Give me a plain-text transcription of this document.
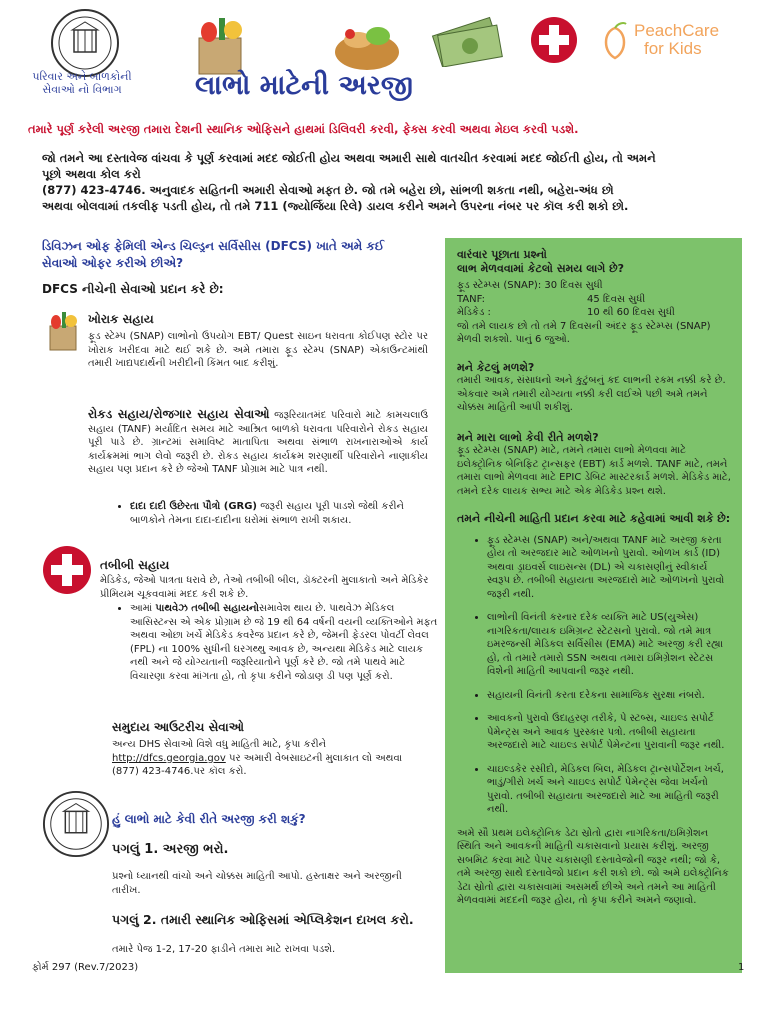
પરિવાર અને બાળકોની
સેવાઓ નો વિભાગ
PeachCare
for Kids
લાભો માટેની અરજી
તમારે પૂર્ણ કરેલી અરજી તમારા દેશની સ્થાનિક ઓફિસને હાથમાં ડિલિવરી કરવી, ફેક્સ કરવી અથવા મેઇલ કરવી પડશે.
જો તમને આ દસ્તાવેજ વાંચવા કે પૂર્ણ કરવામાં મદદ જોઈતી હોય અથવા અમારી સાથે વાતચીત કરવામાં મદદ જોઈતી હોય, તો અમને
પૂછો અથવા કોલ કરો
(877) 423-4746. અનુવાદક સહિતની અમારી સેવાઓ મફત છે. જો તમે બહેરા છો, સાંભળી શકતા નથી, બહેરા-અંધ છો
અથવા બોલવામાં તકલીફ પડતી હોય, તો તમે 711 (જ્યોર્જિયા રિલે) ડાયલ કરીને અમને ઉપરના નંબર પર કૉલ કરી શકો છો.
ડિવિઝન ઓફ ફેમિલી એન્ડ ચિલ્ડ્રન સર્વિસીસ (DFCS) ખાતે અમે કઈ સેવાઓ ઓફર કરીએ છીએ?
DFCS નીચેની સેવાઓ પ્રદાન કરે છે:
ખોરાક સહાય
ફૂડ સ્ટેમ્પ (SNAP) લાભોનો ઉપયોગ EBT/ Quest સાઇન ધરાવતા કોઈપણ સ્ટોર પર ખોરાક ખરીદવા માટે થઈ શકે છે. અમે તમારા ફૂડ સ્ટેમ્પ (SNAP) એકાઉન્ટમાંથી તમારી ખાદ્યપદાર્થની ખરીદીની કિંમત બાદ કરીશું.
રોકડ સહાય/રોજગાર સહાય સેવાઓ જરૂરિયાતમંદ પરિવારો માટે કામચલાઉ સહાય (TANF) મર્યાદિત સમય માટે આશ્રિત બાળકો ધરાવતા પરિવારોને રોકડ સહાય પૂરી પાડે છે. ગ્રાન્ટમાં સમાવિષ્ટ માતાપિતા અથવા સંભાળ રાખનારાઓએ કાર્ય કાર્યક્રમમાં ભાગ લેવો જરૂરી છે. રોકડ સહાય કાર્યક્રમ શરણાર્થી પરિવારોને નાણાકીય સહાય પણ પ્રદાન કરે છે જેઓ TANF પ્રોગ્રામ માટે પાત્ર નથી.
• દાદા દાદી ઉછેરતા પૌત્રો (GRG) જરૂરી સહાય પૂરી પાડશે જેથી કરીને બાળકોને તેમના દાદા-દાદીના ઘરોમાં સંભાળ રાખી શકાય.
તબીબી સહાય
મેડિકેડ, જેઓ પાત્રતા ધરાવે છે, તેઓ તબીબી બીલ, ડૉક્ટરની મુલાકાતો અને મેડિકેર પ્રીમિયમ ચૂકવવામાં મદદ કરી શકે છે.
• આમાં પાથવેઝ તબીબી સહાયનોસમાવેશ થાય છે. પાથવેઝ મેડિકલ આસિસ્ટન્સ એ એક પ્રોગ્રામ છે જે 19 થી 64 વર્ષની વયની વ્યક્તિઓને મફત અથવા ઓછા ખર્ચે મેડિકેડ કવરેજ પ્રદાન કરે છે, જેમની ફેડરલ પોવર્ટી લેવલ (FPL) ના 100% સુધીની ઘરગથ્થુ આવક છે, અન્યથા મેડિકેડ માટે લાયક નથી અને જે યોગ્યતાની જરૂરિયાતોને પૂર્ણ કરે છે. જો તમે પાથવે માટે વિચારણા કરવા માંગતા હો, તો કૃપા કરીને જોડાણ ડી પણ પૂર્ણ કરો.
સમુદાય આઉટરીચ સેવાઓ
અન્ય DHS સેવાઓ વિશે વધુ માહિતી માટે, કૃપા કરીને
http://dfcs.georgia.gov પર અમારી વેબસાઇટની મુલાકાત લો અથવા
(877) 423-4746.પર કૉલ કરો.
હું લાભો માટે કેવી રીતે અરજી કરી શકું?
પગલું 1. અરજી ભરો.
પ્રશ્નો ધ્યાનથી વાંચો અને ચોક્કસ માહિતી આપો. હસ્તાક્ષર અને અરજીની તારીખ.
પગલું 2. તમારી સ્થાનિક ઓફિસમાં એપ્લિકેશન દાખલ કરો.
તમારે પેજ 1-2, 17-20 ફાડીને તમારા માટે રાખવા પડશે.
ફોર્મ 297 (Rev.7/2023)
વારંવાર પૂછાતા પ્રશ્નો
લાભ મેળવવામાં કેટલો સમય લાગે છે?
ફૂડ સ્ટેમ્પ્સ (SNAP): 30 દિવસ સુધી
TANF:	45 દિવસ સુધી
મેડિકેડ :	10 થી 60 દિવસ સુધી
જો તમે લાયક છો તો તમે 7 દિવસની અંદર ફૂડ સ્ટેમ્પ્સ (SNAP) મેળવી શકશો. પાનું 6 જુઓ.
મને કેટલું મળશે?
તમારી આવક, સંસાધનો અને કુટુંબનું કદ લાભની રકમ નક્કી કરે છે. એકવાર અમે તમારી યોગ્યતા નક્કી કરી લઈએ પછી અમે તમને ચોક્કસ માહિતી આપી શકીશું.
મને મારા લાભો કેવી રીતે મળશે?
ફૂડ સ્ટેમ્પ્સ (SNAP) માટે, તમને તમારા લાભો મેળવવા માટે ઇલેક્ટ્રોનિક બેનિફિટ ટ્રાન્સફર (EBT) કાર્ડ મળશે. TANF માટે, તમને તમારા લાભો મેળવવા માટે EPIC ડેબિટ માસ્ટરકાર્ડ મળશે. મેડિકેડ માટે, તમને દરેક લાયક સભ્ય માટે એક મેડિકેડ પ્રશ્ન થશે.
તમને નીચેની માહિતી પ્રદાન કરવા માટે કહેવામાં આવી શકે છે:
• ફૂડ સ્ટેમ્પ્સ (SNAP) અને/અથવા TANF માટે અરજી કરતા હોય તો અરજદાર માટે ઓળખનો પુરાવો. ઓળખ કાર્ડ (ID) અથવા ડ્રાઇવર્સ લાઇસન્સ (DL) એ ચકાસણીનું સ્વીકાર્ય સ્વરૂપ છે. તબીબી સહાયતા અરજદારો માટે ઓળખનો પુરાવો જરૂરી નથી.
• લાભોની વિનંતી કરનાર દરેક વ્યક્તિ માટે US(યુએસ) નાગરિકતા/લાયક ઇમિગ્રન્ટ સ્ટેટસનો પુરાવો. જો તમે માત્ર ઇમરજન્સી મેડિકલ સર્વિસીસ (EMA) માટે અરજી કરી રહ્યા હો, તો તમારે તમારો SSN અથવા તમારા ઇમિગ્રેશન સ્ટેટસ વિશેની માહિતી આપવાની જરૂર નથી.
• સહાયની વિનંતી કરતા દરેકના સામાજિક સુરક્ષા નંબરો.
• આવકનો પુરાવો ઉદાહરણ તરીકે, પે સ્ટબ્સ, ચાઇલ્ડ સપોર્ટ પેમેન્ટ્સ અને આવક પુરસ્કાર પત્રો. તબીબી સહાયતા અરજદારો માટે ચાઇલ્ડ સપોર્ટ પેમેન્ટના પુરાવાની જરૂર નથી.
• ચાઇલ્ડકેર રસીદો, મેડિકલ બિલ, મેડિકલ ટ્રાન્સપોર્ટેશન ખર્ચ, ભાડું/ગીરો ખર્ચ અને ચાઇલ્ડ સપોર્ટ પેમેન્ટ્સ જેવા ખર્ચનો પુરાવો. તબીબી સહાયતા અરજદારો માટે આ માહિતી જરૂરી નથી.
અમે સૌ પ્રથમ ઇલેક્ટ્રોનિક ડેટા સ્રોતો દ્વારા નાગરિકતા/ઇમિગ્રેશન સ્થિતિ અને આવકની માહિતી ચકાસવાનો પ્રયાસ કરીશું. અરજી સબમિટ કરવા માટે પેપર ચકાસણી દસ્તાવેજોની જરૂર નથી; જો કે, તમે અરજી સાથે દસ્તાવેજો પ્રદાન કરી શકો છો. જો અમે ઇલેક્ટ્રોનિક ડેટા સ્રોતો દ્વારા ચકાસવામાં અસમર્થ છીએ અને તમને આ માહિતી મેળવવામાં મદદની જરૂર હોય, તો કૃપા કરીને અમને જણાવો.
1
